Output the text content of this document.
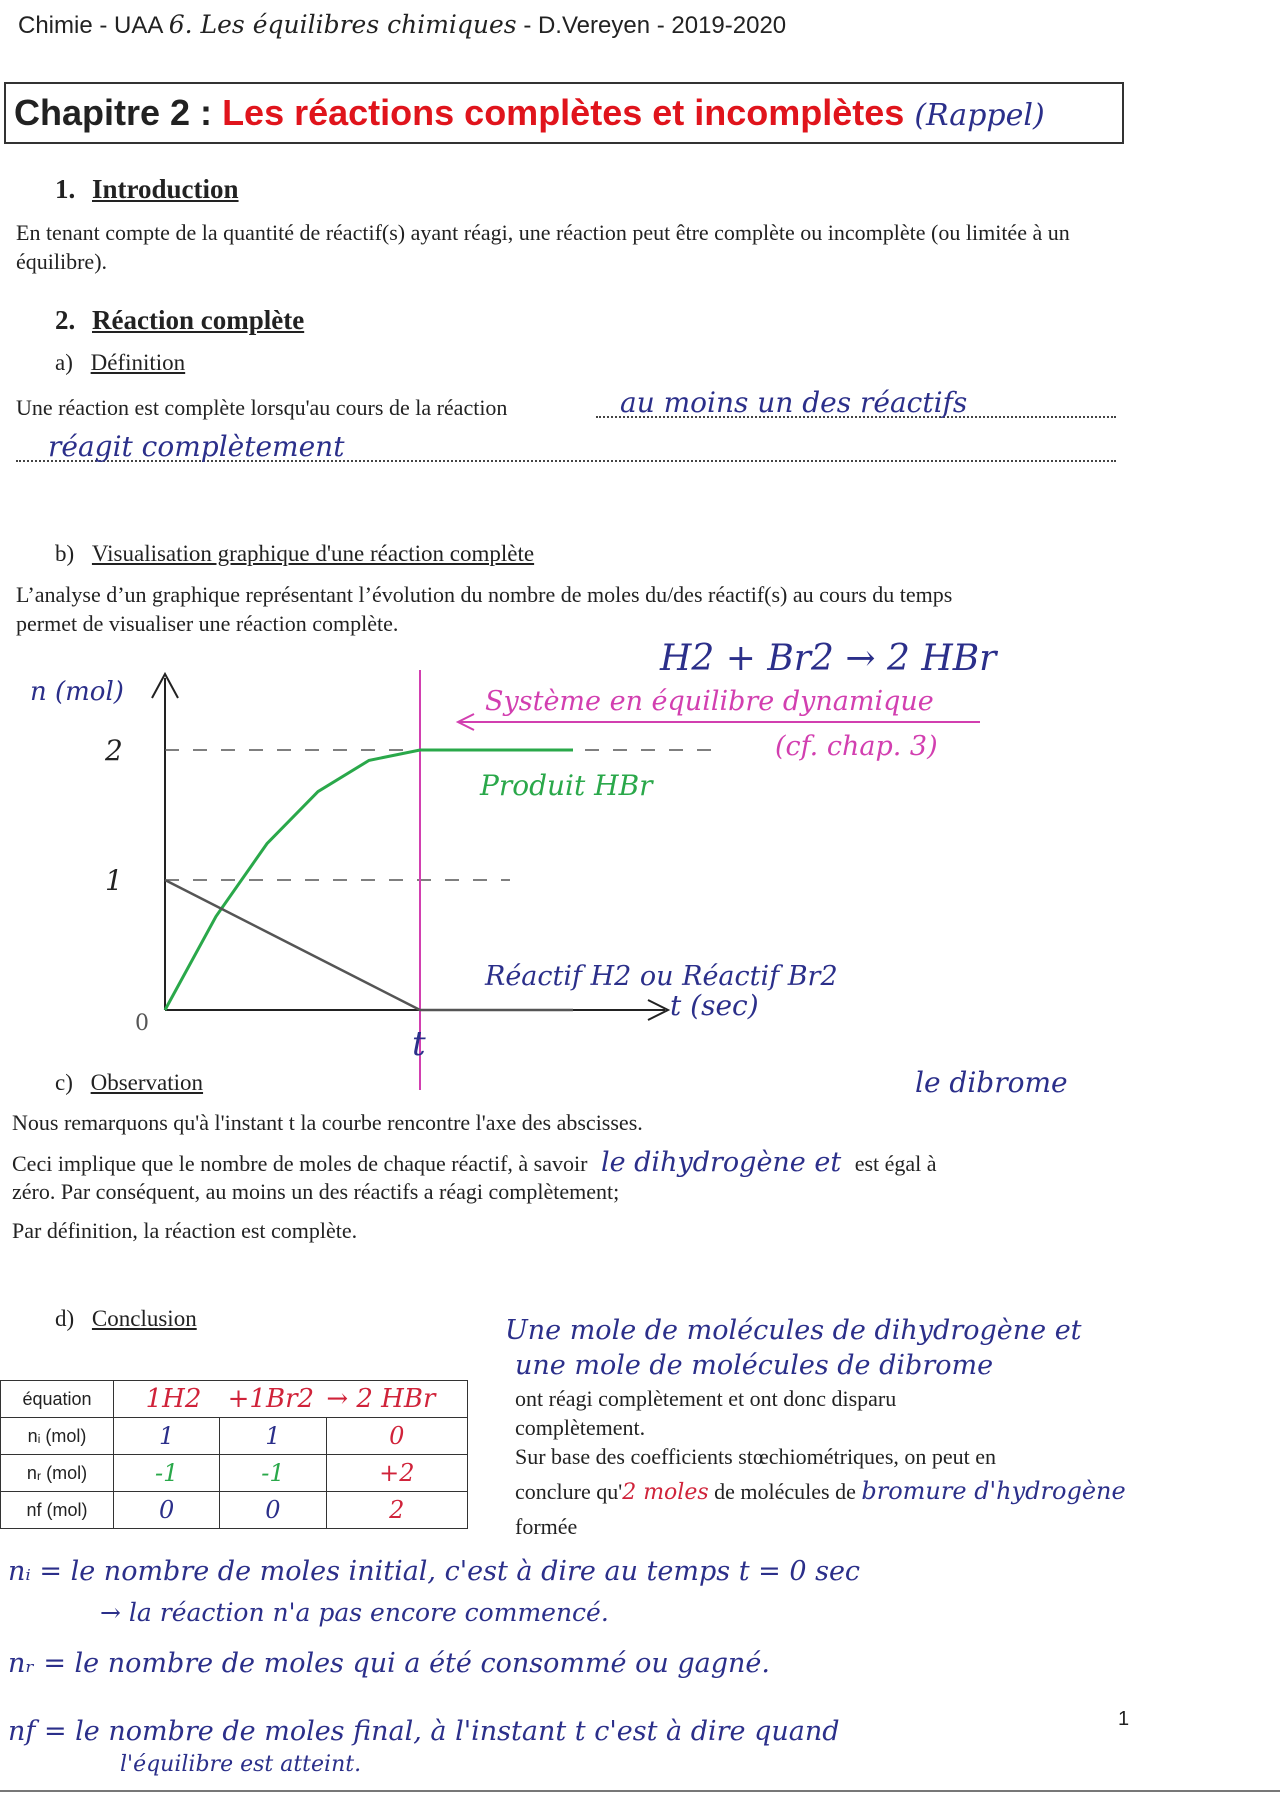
Chimie - UAA 6. Les équilibres chimiques - D.Vereyen - 2019-2020
Chapitre 2 : Les réactions complètes et incomplètes (Rappel)
1. Introduction
En tenant compte de la quantité de réactif(s) ayant réagi, une réaction peut être complète ou incomplète (ou limitée à un équilibre).
2. Réaction complète
a) Définition
Une réaction est complète lorsqu'au cours de la réaction	au moins un des réactifs
réagit complètement
b) Visualisation graphique d'une réaction complète
L’analyse d’un graphique représentant l’évolution du nombre de moles du/des réactif(s) au cours du temps
permet de visualiser une réaction complète.
H2 + Br2 → 2 HBr
n (mol)
t (sec)
0
1
2
t
Système en équilibre dynamique
(cf. chap. 3)
Produit HBr
Réactif H2 ou Réactif Br2
c) Observation	le dibrome
Nous remarquons qu'à l'instant t la courbe rencontre l'axe des abscisses.
Ceci implique que le nombre de moles de chaque réactif, à savoir le dihydrogène et est égal à
zéro. Par conséquent, au moins un des réactifs a réagi complètement;
Par définition, la réaction est complète.
d) Conclusion
équation	1H2 +1Br2 → 2 HBr		
nᵢ (mol)	1	1	0
nᵣ (mol)	-1	-1	+2
nf (mol)	0	0	2
Une mole de molécules de dihydrogène et
une mole de molécules de dibrome
ont réagi complètement et ont donc disparu
complètement.
Sur base des coefficients stœchiométriques, on peut en
conclure qu'2 moles de molécules de bromure d'hydrogène
formée
nᵢ = le nombre de moles initial, c'est à dire au temps t = 0 sec
→ la réaction n'a pas encore commencé.
nᵣ = le nombre de moles qui a été consommé ou gagné.
nf = le nombre de moles final, à l'instant t c'est à dire quand
l'équilibre est atteint.
1
